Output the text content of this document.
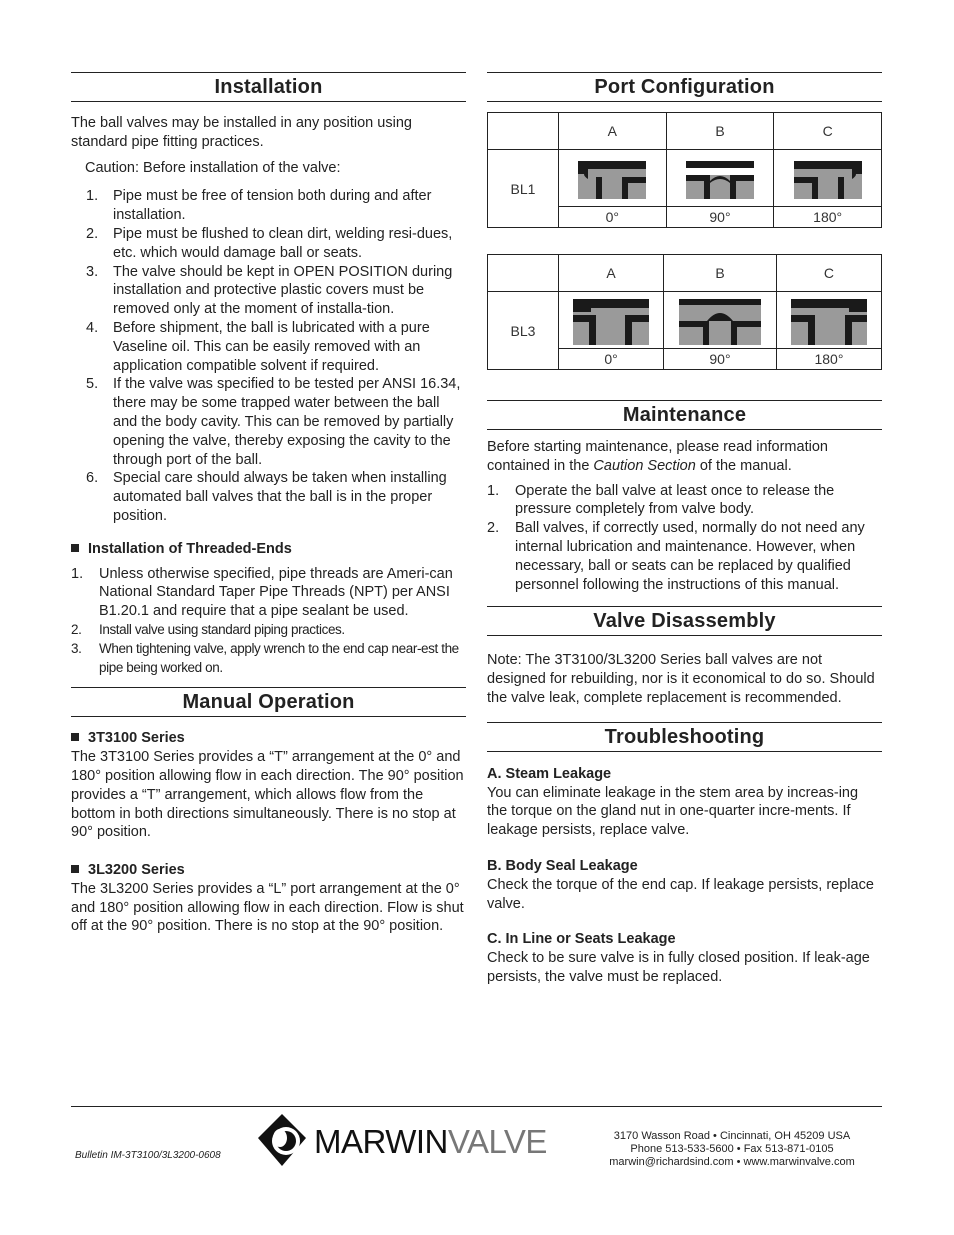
Installation

The ball valves may be installed in any position using standard pipe fitting practices.

Caution: Before installation of the valve:

1. Pipe must be free of tension both during and after installation.
2. Pipe must be flushed to clean dirt, welding resi-dues, etc. which would damage ball or seats.
3. The valve should be kept in OPEN POSITION during installation and protective plastic covers must be removed only at the moment of installa-tion.
4. Before shipment, the ball is lubricated with a pure Vaseline oil. This can be easily removed with an application compatible solvent if required.
5. If the valve was specified to be tested per ANSI 16.34, there may be some trapped water between the ball and the body cavity. This can be removed by partially opening the valve, thereby exposing the cavity to the through port of the ball.
6. Special care should always be taken when installing automated ball valves that the ball is in the proper position.
Installation of Threaded-Ends
1. Unless otherwise specified, pipe threads are Ameri-can National Standard Taper Pipe Threads (NPT) per ANSI B1.20.1 and require that a pipe sealant be used.
2. Install valve using standard piping practices.
3. When tightening valve, apply wrench to the end cap near-est the pipe being worked on.
Manual Operation
3T3100 Series

The 3T3100 Series provides a “T” arrangement at the 0° and 180° position allowing flow in each direction. The 90° position provides a “T” arrangement, which allows flow from the bottom in both directions simultaneously. There is no stop at 90° position.

3L3200 Series

The 3L3200 Series provides a “L” port arrangement at the 0° and 180° position allowing flow in each direction. Flow is shut off at the 90° position. There is no stop at the 90° position.

Port Configuration
	A	B	C
BL1	

	0°	90°	180°
	A	B	C
BL3	

	0°	90°	180°
Maintenance

Before starting maintenance, please read information contained in the Caution Section of the manual.

1. Operate the ball valve at least once to release the pressure completely from valve body.
2. Ball valves, if correctly used, normally do not need any internal lubrication and maintenance. However, when necessary, ball or seats can be replaced by qualified personnel following the instructions of this manual.
Valve Disassembly

Note: The 3T3100/3L3200 Series ball valves are not designed for rebuilding, nor is it economical to do so. Should the valve leak, complete replacement is recommended.

Troubleshooting
A. Steam Leakage

You can eliminate leakage in the stem area by increas-ing the torque on the gland nut in one-quarter incre-ments. If leakage persists, replace valve.

B. Body Seal Leakage

Check the torque of the end cap. If leakage persists, replace valve.

C. In Line or Seats Leakage

Check to be sure valve is in fully closed position. If leak-age persists, the valve must be replaced.

Bulletin IM-3T3100/3L3200-0608	MARWINVALVE	3170 Wasson Road • Cincinnati, OH 45209 USA
Phone 513-533-5600 • Fax 513-871-0105
marwin@richardsind.com • www.marwinvalve.com
